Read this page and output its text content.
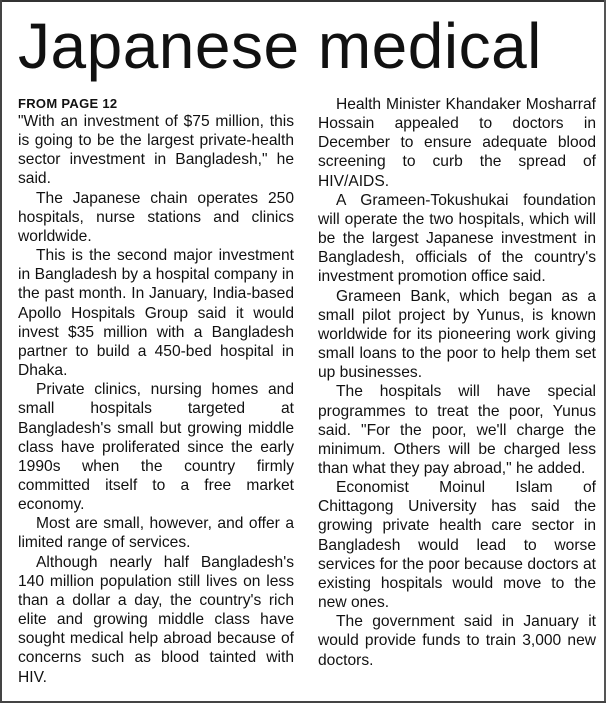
Japanese medical

FROM PAGE 12

"With an investment of $75 million, this is going to be the largest private-health sector investment in Bangladesh," he said.

The Japanese chain operates 250 hospitals, nurse stations and clinics worldwide.

This is the second major investment in Bangladesh by a hospital company in the past month. In January, India-based Apollo Hospitals Group said it would invest $35 million with a Bangladesh partner to build a 450-bed hospital in Dhaka.

Private clinics, nursing homes and small hospitals targeted at Bangladesh's small but growing middle class have proliferated since the early 1990s when the country firmly committed itself to a free market economy.

Most are small, however, and offer a limited range of services.

Although nearly half Bangladesh's 140 million population still lives on less than a dollar a day, the country's rich elite and growing middle class have sought medical help abroad because of concerns such as blood tainted with HIV.

Health Minister Khandaker Mosharraf Hossain appealed to doctors in December to ensure adequate blood screening to curb the spread of HIV/AIDS.

A Grameen-Tokushukai foundation will operate the two hospitals, which will be the largest Japanese investment in Bangladesh, officials of the country's investment promotion office said.

Grameen Bank, which began as a small pilot project by Yunus, is known worldwide for its pioneering work giving small loans to the poor to help them set up businesses.

The hospitals will have special programmes to treat the poor, Yunus said. "For the poor, we'll charge the minimum. Others will be charged less than what they pay abroad," he added.

Economist Moinul Islam of Chittagong University has said the growing private health care sector in Bangladesh would lead to worse services for the poor because doctors at existing hospitals would move to the new ones.

The government said in January it would provide funds to train 3,000 new doctors.
